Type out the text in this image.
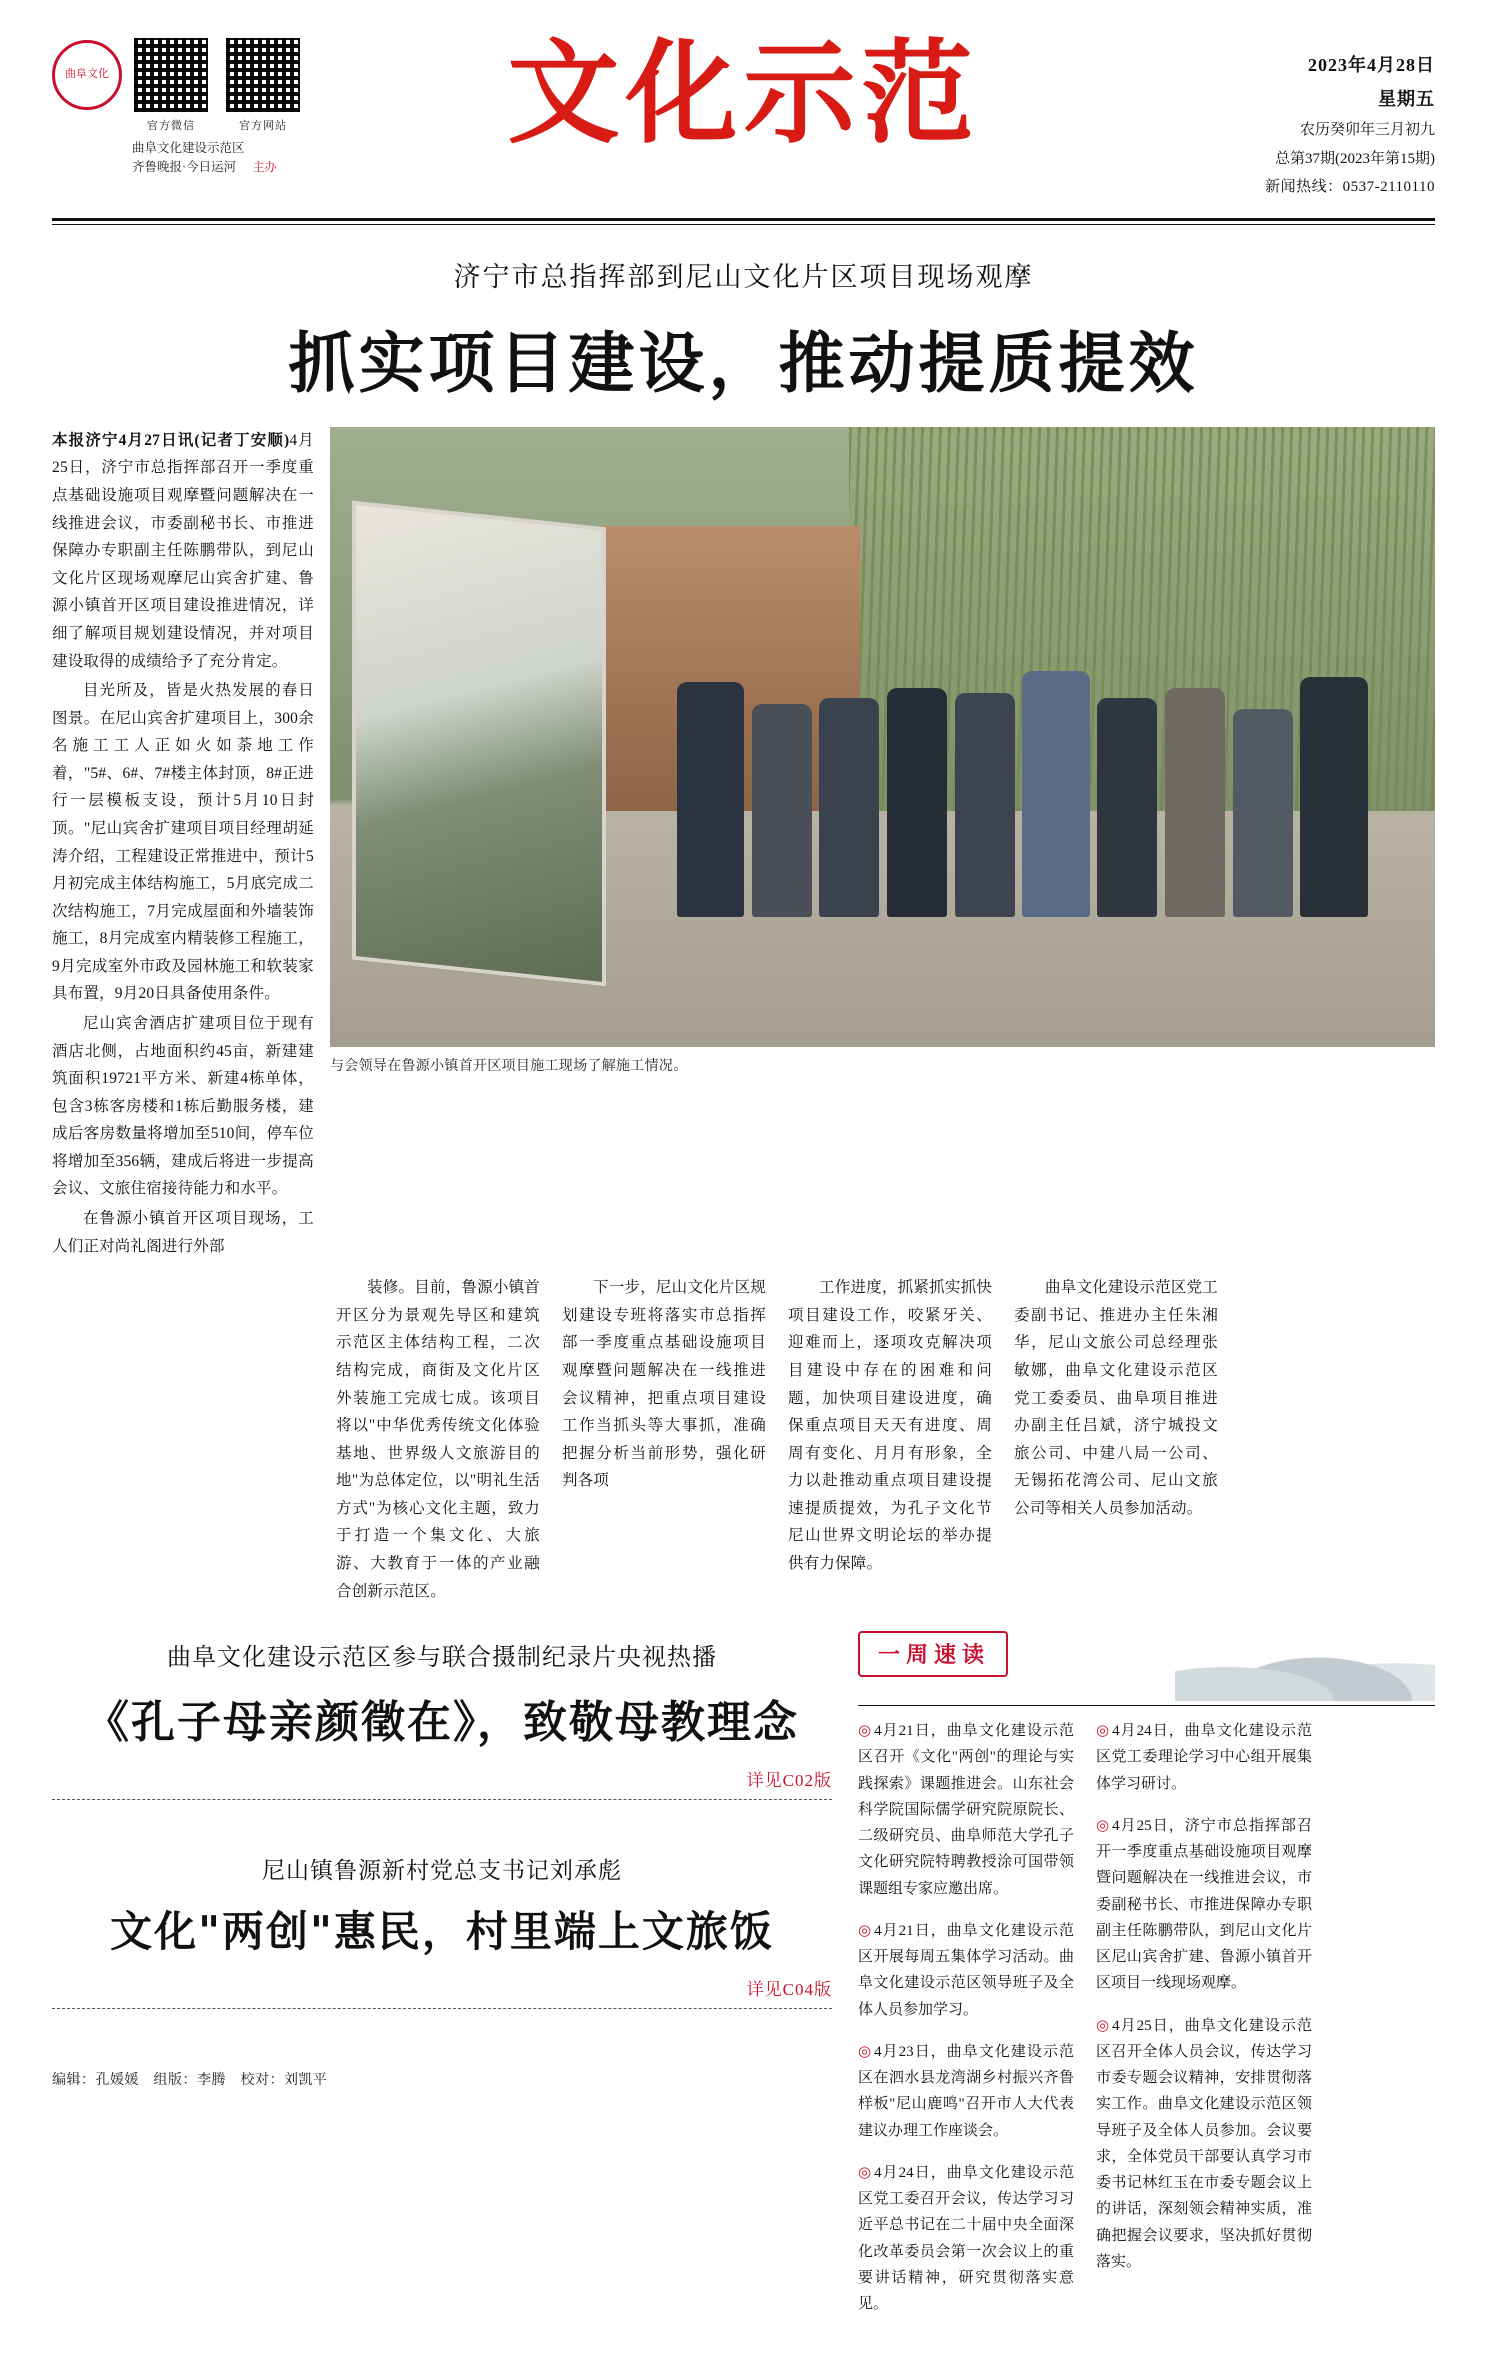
曲阜文化
官方微信	官方网站
曲阜文化建设示范区
齐鲁晚报·今日运河	主办
文化示范	2023年4月28日
星期五
农历癸卯年三月初九
总第37期(2023年第15期)
新闻热线：0537-2110110
济宁市总指挥部到尼山文化片区项目现场观摩
抓实项目建设，推动提质提效

本报济宁4月27日讯(记者丁安顺)4月25日，济宁市总指挥部召开一季度重点基础设施项目观摩暨问题解决在一线推进会议，市委副秘书长、市推进保障办专职副主任陈鹏带队，到尼山文化片区现场观摩尼山宾舍扩建、鲁源小镇首开区项目建设推进情况，详细了解项目规划建设情况，并对项目建设取得的成绩给予了充分肯定。

目光所及，皆是火热发展的春日图景。在尼山宾舍扩建项目上，300余名施工工人正如火如荼地工作着，"5#、6#、7#楼主体封顶，8#正进行一层模板支设，预计5月10日封顶。"尼山宾舍扩建项目项目经理胡延涛介绍，工程建设正常推进中，预计5月初完成主体结构施工，5月底完成二次结构施工，7月完成屋面和外墙装饰施工，8月完成室内精装修工程施工，9月完成室外市政及园林施工和软装家具布置，9月20日具备使用条件。

尼山宾舍酒店扩建项目位于现有酒店北侧，占地面积约45亩，新建建筑面积19721平方米、新建4栋单体，包含3栋客房楼和1栋后勤服务楼，建成后客房数量将增加至510间，停车位将增加至356辆，建成后将进一步提高会议、文旅住宿接待能力和水平。

在鲁源小镇首开区项目现场，工人们正对尚礼阁进行外部

与会领导在鲁源小镇首开区项目施工现场了解施工情况。

装修。目前，鲁源小镇首开区分为景观先导区和建筑示范区主体结构工程，二次结构完成，商街及文化片区外装施工完成七成。该项目将以"中华优秀传统文化体验基地、世界级人文旅游目的地"为总体定位，以"明礼生活方式"为核心文化主题，致力于打造一个集文化、大旅游、大教育于一体的产业融合创新示范区。

下一步，尼山文化片区规划建设专班将落实市总指挥部一季度重点基础设施项目观摩暨问题解决在一线推进会议精神，把重点项目建设工作当抓头等大事抓，准确把握分析当前形势，强化研判各项

工作进度，抓紧抓实抓快项目建设工作，咬紧牙关、迎难而上，逐项攻克解决项目建设中存在的困难和问题，加快项目建设进度，确保重点项目天天有进度、周周有变化、月月有形象，全力以赴推动重点项目建设提速提质提效，为孔子文化节　尼山世界文明论坛的举办提供有力保障。

曲阜文化建设示范区党工委副书记、推进办主任朱湘华，尼山文旅公司总经理张敏娜，曲阜文化建设示范区党工委委员、曲阜项目推进办副主任吕斌，济宁城投文旅公司、中建八局一公司、无锡拓花湾公司、尼山文旅公司等相关人员参加活动。

曲阜文化建设示范区参与联合摄制纪录片央视热播
《孔子母亲颜徵在》，致敬母教理念
详见C02版
尼山镇鲁源新村党总支书记刘承彪
文化"两创"惠民，村里端上文旅饭
详见C04版
编辑：孔媛媛　组版：李腾　校对：刘凯平
一周速读
◎ 4月21日，曲阜文化建设示范区召开《文化"两创"的理论与实践探索》课题推进会。山东社会科学院国际儒学研究院原院长、二级研究员、曲阜师范大学孔子文化研究院特聘教授涂可国带领课题组专家应邀出席。
◎ 4月21日，曲阜文化建设示范区开展每周五集体学习活动。曲阜文化建设示范区领导班子及全体人员参加学习。
◎ 4月23日，曲阜文化建设示范区在泗水县龙湾湖乡村振兴齐鲁样板"尼山鹿鸣"召开市人大代表建议办理工作座谈会。
◎ 4月24日，曲阜文化建设示范区党工委召开会议，传达学习习近平总书记在二十届中央全面深化改革委员会第一次会议上的重要讲话精神，研究贯彻落实意见。
◎ 4月24日，曲阜文化建设示范区党工委理论学习中心组开展集体学习研讨。
◎ 4月25日，济宁市总指挥部召开一季度重点基础设施项目观摩暨问题解决在一线推进会议，市委副秘书长、市推进保障办专职副主任陈鹏带队，到尼山文化片区尼山宾舍扩建、鲁源小镇首开区项目一线现场观摩。
◎ 4月25日，曲阜文化建设示范区召开全体人员会议，传达学习市委专题会议精神，安排贯彻落实工作。曲阜文化建设示范区领导班子及全体人员参加。会议要求，全体党员干部要认真学习市委书记林红玉在市委专题会议上的讲话，深刻领会精神实质，准确把握会议要求，坚决抓好贯彻落实。
